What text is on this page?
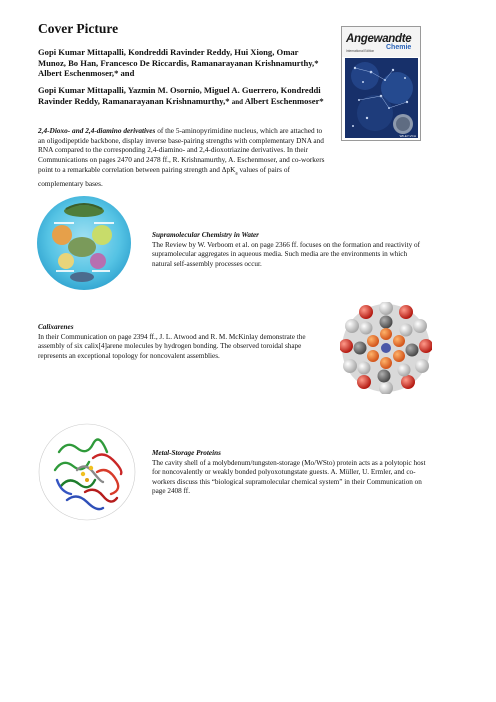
Cover Picture
Gopi Kumar Mittapalli, Kondreddi Ravinder Reddy, Hui Xiong, Omar Munoz, Bo Han, Francesco De Riccardis, Ramanarayanan Krishnamurthy,* Albert Eschenmoser,* and
Gopi Kumar Mittapalli, Yazmin M. Osornio, Miguel A. Guerrero, Kondreddi Ravinder Reddy, Ramanarayanan Krishnamurthy,* and Albert Eschenmoser*
2,4-Dioxo- and 2,4-diamino derivatives of the 5-aminopyrimidine nucleus, which are attached to an oligodipeptide backbone, display inverse base-pairing strengths with complementary DNA and RNA compared to the corresponding 2,4-diamino- and 2,4-dioxotriazine derivatives. In their Communications on pages 2470 and 2478 ff., R. Krishnamurthy, A. Eschenmoser, and co-workers point to a remarkable correlation between pairing strength and ΔpK$_a$ values of pairs of complementary bases.
Angewandte
Chemie
International Edition
WILEY-VCH
Supramolecular Chemistry in Water
The Review by W. Verboom et al. on page 2366 ff. focuses on the formation and reactivity of supramolecular aggregates in aqueous media. Such media are the environments in which natural self-assembly processes occur.
Calixarenes
In their Communication on page 2394 ff., J. L. Atwood and R. M. McKinlay demonstrate the assembly of six calix[4]arene molecules by hydrogen bonding. The observed toroidal shape represents an exceptional topology for noncovalent assemblies.
Metal-Storage Proteins
The cavity shell of a molybdenum/tungsten-storage (Mo/WSto) protein acts as a polytopic host for noncovalently or weakly bonded polyoxotungstate guests. A. Müller, U. Ermler, and co-workers discuss this “biological supramolecular chemical system” in their Communication on page 2408 ff.
